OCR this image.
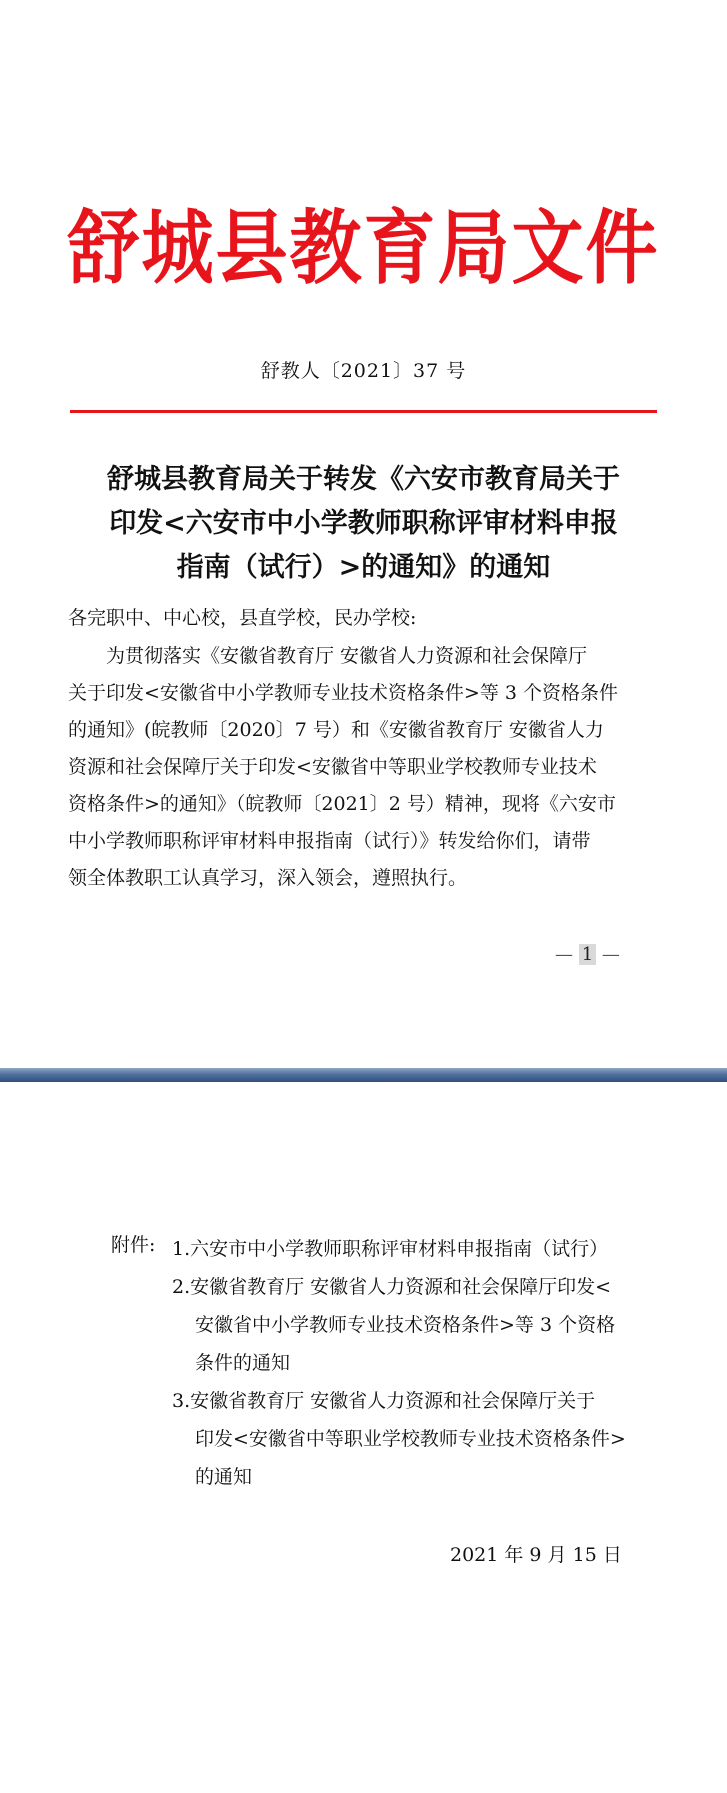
舒城县教育局文件
舒教人〔2021〕37 号
舒城县教育局关于转发《六安市教育局关于
印发<六安市中小学教师职称评审材料申报
指南（试行）>的通知》的通知
各完职中、中心校，县直学校，民办学校:
　　为贯彻落实《安徽省教育厅 安徽省人力资源和社会保障厅
关于印发<安徽省中小学教师专业技术资格条件>等 3 个资格条件
的通知》(皖教师〔2020〕7 号）和《安徽省教育厅 安徽省人力
资源和社会保障厅关于印发<安徽省中等职业学校教师专业技术
资格条件>的通知》（皖教师〔2021〕2 号）精神，现将《六安市
中小学教师职称评审材料申报指南（试行）》转发给你们，请带
领全体教职工认真学习，深入领会，遵照执行。
— 1 —
附件: 1.六安市中小学教师职称评审材料申报指南（试行）
2.安徽省教育厅 安徽省人力资源和社会保障厅印发<
安徽省中小学教师专业技术资格条件>等 3 个资格
条件的通知
3.安徽省教育厅 安徽省人力资源和社会保障厅关于
印发<安徽省中等职业学校教师专业技术资格条件>
的通知
2021 年 9 月 15 日
